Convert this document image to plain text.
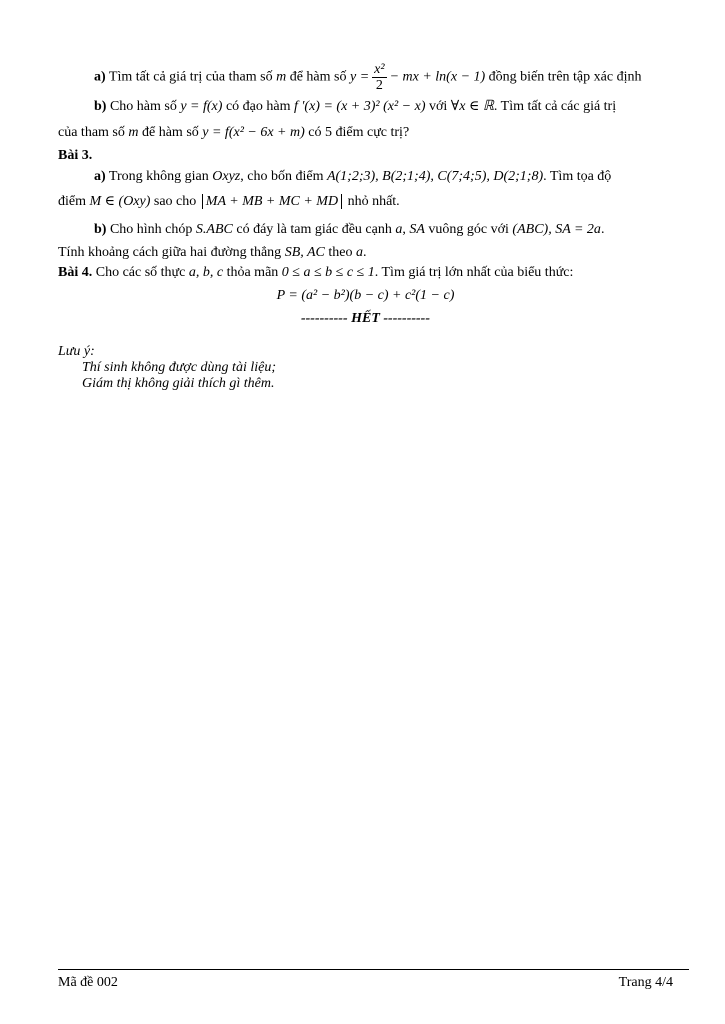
a) Tìm tất cả giá trị của tham số m để hàm số $y = \frac{\text{x²}}{2}$ − mx + ln(x − 1) đồng biến trên tập xác định
b) Cho hàm số y = f(x) có đạo hàm f ′(x) = (x + 3)² (x² − x) với ∀x ∈ ℝ. Tìm tất cả các giá trị
của tham số m để hàm số y = f(x² − 6x + m) có 5 điểm cực trị?
Bài 3.
a) Trong không gian Oxyz, cho bốn điểm A(1;2;3), B(2;1;4), C(7;4;5), D(2;1;8). Tìm tọa độ
điểm M ∈ (Oxy) sao cho MA + MB + MC + MD nhỏ nhất.
b) Cho hình chóp S.ABC có đáy là tam giác đều cạnh a, SA vuông góc với (ABC), SA = 2a.
Tính khoảng cách giữa hai đường thẳng SB, AC theo a.
Bài 4. Cho các số thực a, b, c thỏa mãn 0 ≤ a ≤ b ≤ c ≤ 1. Tìm giá trị lớn nhất của biểu thức:
P = (a² − b²)(b − c) + c²(1 − c)
---------- HẾT ----------
Lưu ý:
Thí sinh không được dùng tài liệu;
Giám thị không giải thích gì thêm.
Mã đề 002	Trang 4/4
